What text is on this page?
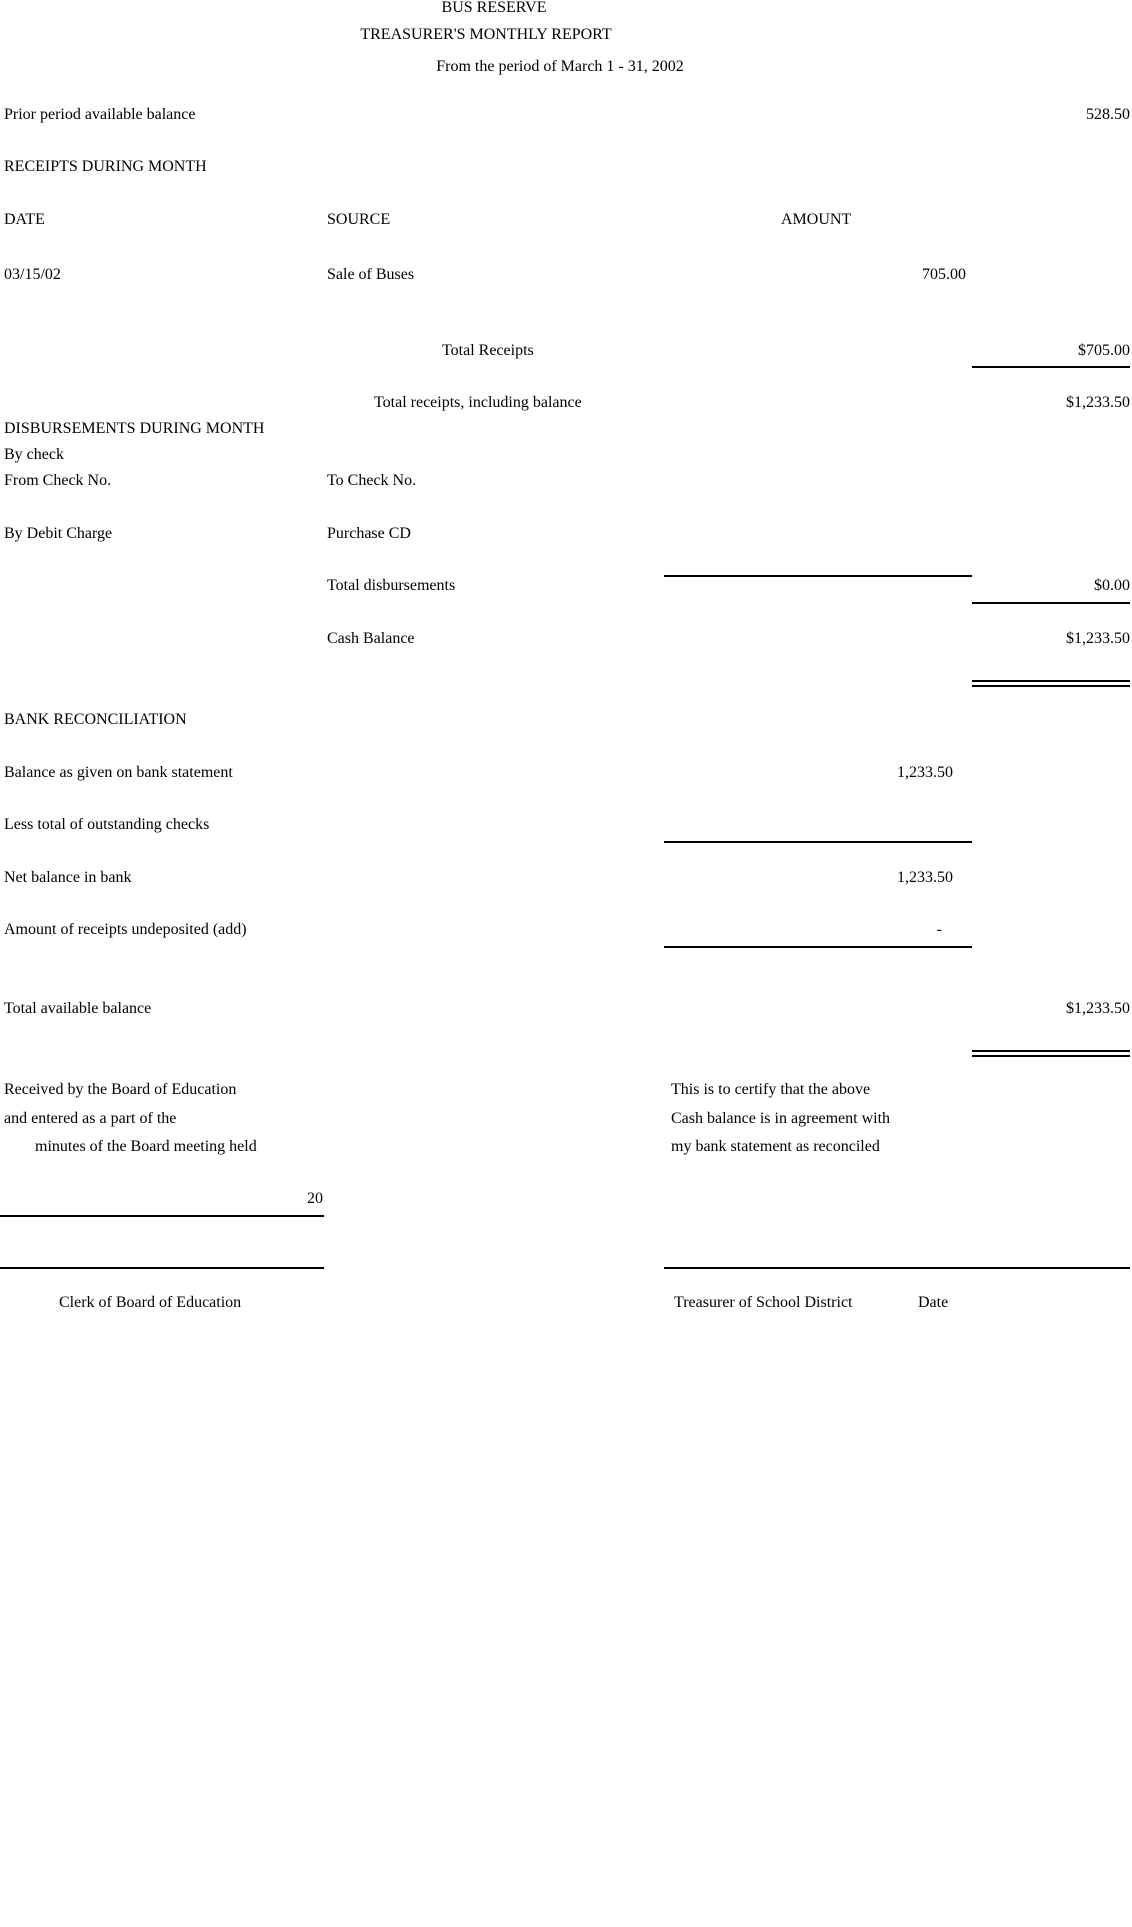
BUS RESERVE
TREASURER'S MONTHLY REPORT
From the period of March 1 - 31, 2002
Prior period available balance	528.50
RECEIPTS DURING MONTH
DATE	SOURCE	AMOUNT
03/15/02	Sale of Buses	705.00
Total Receipts	$705.00
Total receipts, including balance	$1,233.50
DISBURSEMENTS DURING MONTH
By check
From Check No.	To Check No.
By Debit Charge	Purchase CD
Total disbursements	$0.00
Cash Balance	$1,233.50
BANK RECONCILIATION
Balance as given on bank statement	1,233.50
Less total of outstanding checks
Net balance in bank	1,233.50
Amount of receipts undeposited (add)	-
Total available balance	$1,233.50
Received by the Board of Education
and entered as a part of the
minutes of the Board meeting held
This is to certify that the above
Cash balance is in agreement with
my bank statement as reconciled
20
Clerk of Board of Education	Treasurer of School District	Date
